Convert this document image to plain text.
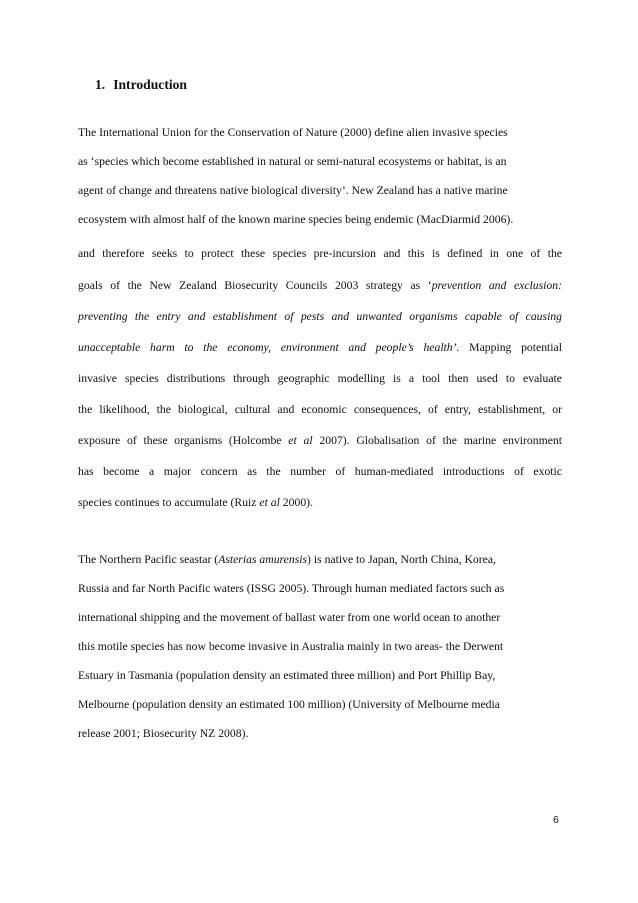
1. Introduction
The International Union for the Conservation of Nature (2000) define alien invasive species
as ‘species which become established in natural or semi-natural ecosystems or habitat, is an
agent of change and threatens native biological diversity’. New Zealand has a native marine
ecosystem with almost half of the known marine species being endemic (MacDiarmid 2006).
and therefore seeks to protect these species pre-incursion and this is defined in one of the
goals of the New Zealand Biosecurity Councils 2003 strategy as ‘prevention and exclusion:
preventing the entry and establishment of pests and unwanted organisms capable of causing
unacceptable harm to the economy, environment and people’s health’. Mapping potential
invasive species distributions through geographic modelling is a tool then used to evaluate
the likelihood, the biological, cultural and economic consequences, of entry, establishment, or
exposure of these organisms (Holcombe et al 2007). Globalisation of the marine environment
has become a major concern as the number of human-mediated introductions of exotic
species continues to accumulate (Ruiz et al 2000).
The Northern Pacific seastar (Asterias amurensis) is native to Japan, North China, Korea,
Russia and far North Pacific waters (ISSG 2005). Through human mediated factors such as
international shipping and the movement of ballast water from one world ocean to another
this motile species has now become invasive in Australia mainly in two areas- the Derwent
Estuary in Tasmania (population density an estimated three million) and Port Phillip Bay,
Melbourne (population density an estimated 100 million) (University of Melbourne media
release 2001; Biosecurity NZ 2008).
6
